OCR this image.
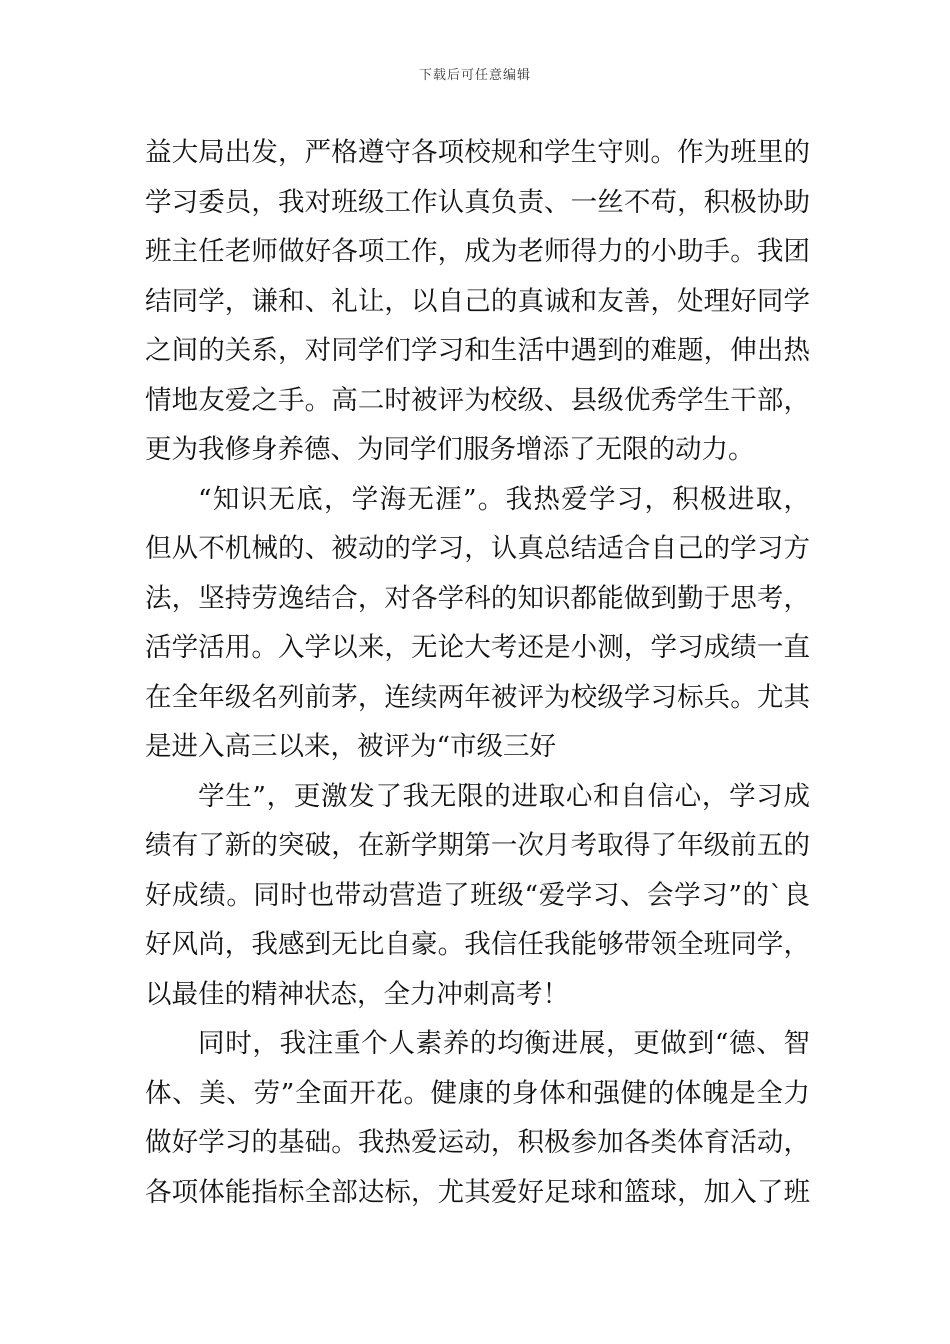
下载后可任意编辑
益大局出发，严格遵守各项校规和学生守则。作为班里的
学习委员，我对班级工作认真负责、一丝不苟，积极协助
班主任老师做好各项工作，成为老师得力的小助手。我团
结同学，谦和、礼让，以自己的真诚和友善，处理好同学
之间的关系，对同学们学习和生活中遇到的难题，伸出热
情地友爱之手。高二时被评为校级、县级优秀学生干部，
更为我修身养德、为同学们服务增添了无限的动力。
“知识无底，学海无涯”。我热爱学习，积极进取，
但从不机械的、被动的学习，认真总结适合自己的学习方
法，坚持劳逸结合，对各学科的知识都能做到勤于思考，
活学活用。入学以来，无论大考还是小测，学习成绩一直
在全年级名列前茅，连续两年被评为校级学习标兵。尤其
是进入高三以来，被评为“市级三好
学生”，更激发了我无限的进取心和自信心，学习成
绩有了新的突破，在新学期第一次月考取得了年级前五的
好成绩。同时也带动营造了班级“爱学习、会学习”的`良
好风尚，我感到无比自豪。我信任我能够带领全班同学，
以最佳的精神状态，全力冲刺高考！
同时，我注重个人素养的均衡进展，更做到“德、智
体、美、劳”全面开花。健康的身体和强健的体魄是全力
做好学习的基础。我热爱运动，积极参加各类体育活动，
各项体能指标全部达标，尤其爱好足球和篮球，加入了班
